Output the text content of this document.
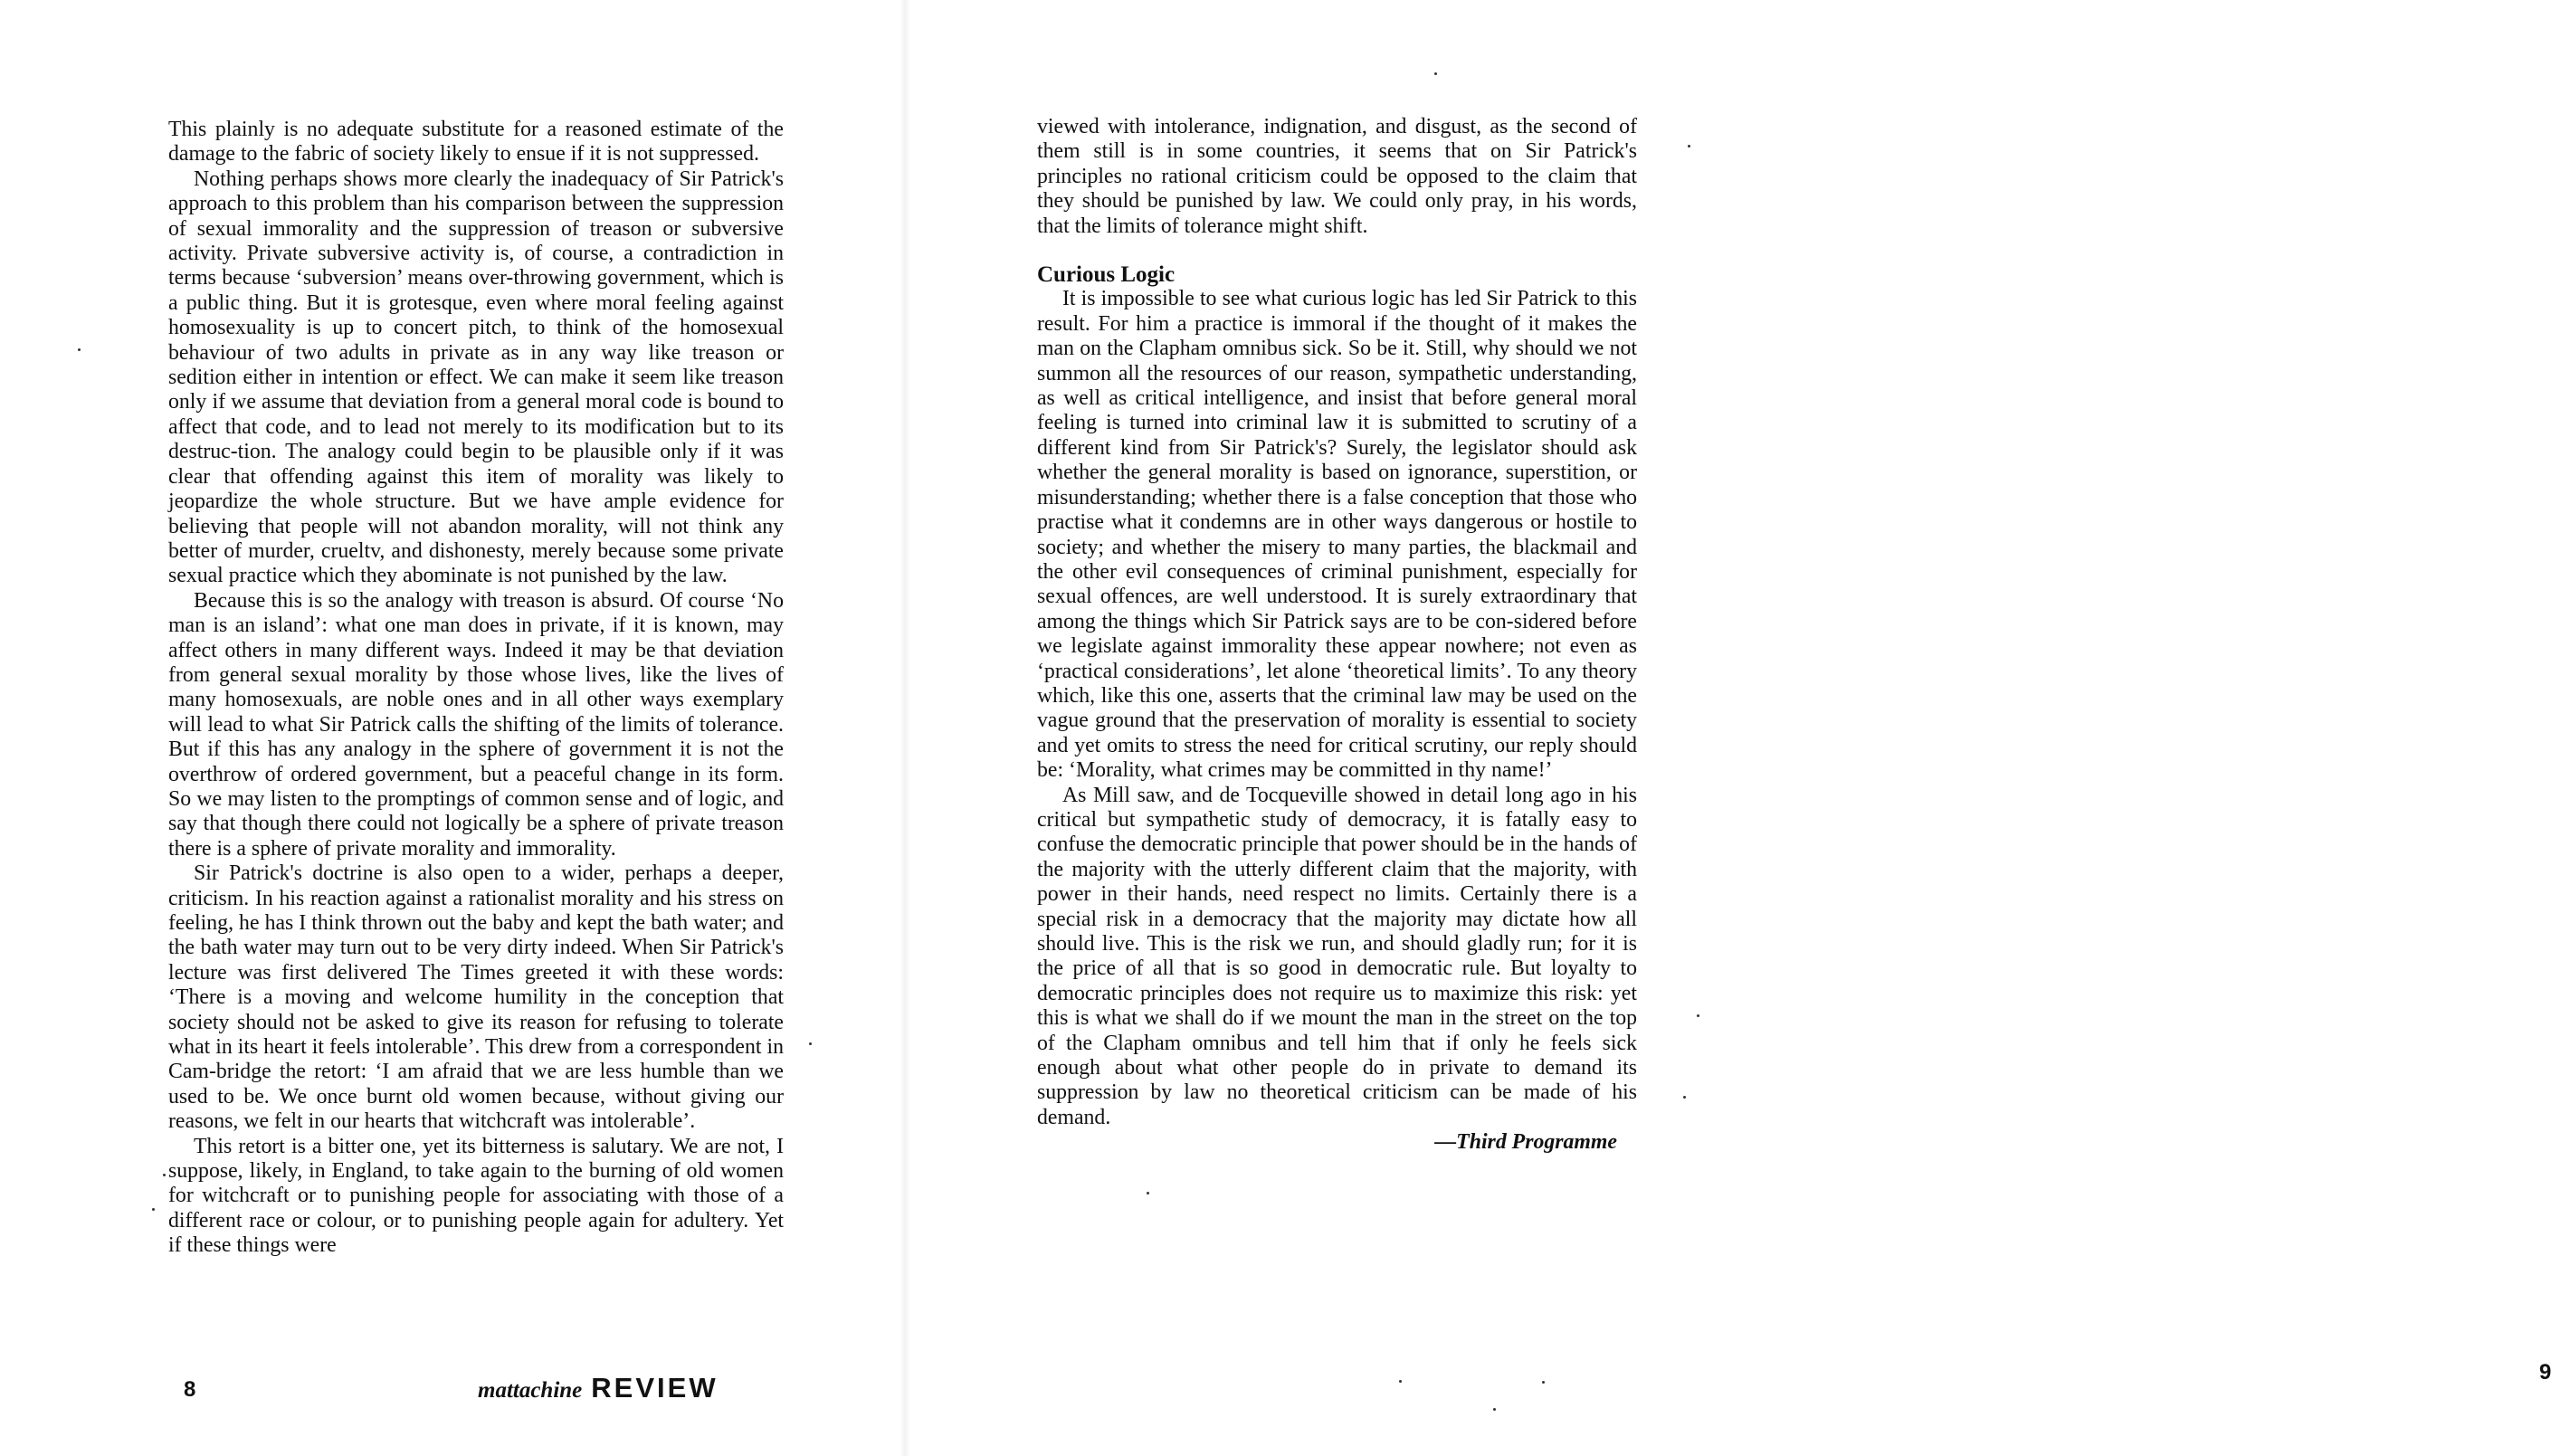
This plainly is no adequate substitute for a reasoned estimate of the damage to the fabric of society likely to ensue if it is not suppressed.

Nothing perhaps shows more clearly the inadequacy of Sir Patrick's approach to this problem than his comparison between the suppression of sexual immorality and the suppression of treason or subversive activity. Private subversive activity is, of course, a contradiction in terms because ‘subversion’ means over-throwing government, which is a public thing. But it is grotesque, even where moral feeling against homosexuality is up to concert pitch, to think of the homosexual behaviour of two adults in private as in any way like treason or sedition either in intention or effect. We can make it seem like treason only if we assume that deviation from a general moral code is bound to affect that code, and to lead not merely to its modification but to its destruc-tion. The analogy could begin to be plausible only if it was clear that offending against this item of morality was likely to jeopardize the whole structure. But we have ample evidence for believing that people will not abandon morality, will not think any better of murder, crueltv, and dishonesty, merely because some private sexual practice which they abominate is not punished by the law.

Because this is so the analogy with treason is absurd. Of course ‘No man is an island’: what one man does in private, if it is known, may affect others in many different ways. Indeed it may be that deviation from general sexual morality by those whose lives, like the lives of many homosexuals, are noble ones and in all other ways exemplary will lead to what Sir Patrick calls the shifting of the limits of tolerance. But if this has any analogy in the sphere of government it is not the overthrow of ordered government, but a peaceful change in its form. So we may listen to the promptings of common sense and of logic, and say that though there could not logically be a sphere of private treason there is a sphere of private morality and immorality.

Sir Patrick's doctrine is also open to a wider, perhaps a deeper, criticism. In his reaction against a rationalist morality and his stress on feeling, he has I think thrown out the baby and kept the bath water; and the bath water may turn out to be very dirty indeed. When Sir Patrick's lecture was first delivered The Times greeted it with these words: ‘There is a moving and welcome humility in the conception that society should not be asked to give its reason for refusing to tolerate what in its heart it feels intolerable’. This drew from a correspondent in Cam-bridge the retort: ‘I am afraid that we are less humble than we used to be. We once burnt old women because, without giving our reasons, we felt in our hearts that witchcraft was intolerable’.

This retort is a bitter one, yet its bitterness is salutary. We are not, I suppose, likely, in England, to take again to the burning of old women for witchcraft or to punishing people for associating with those of a different race or colour, or to punishing people again for adultery. Yet if these things were

8	mattachine REVIEW

viewed with intolerance, indignation, and disgust, as the second of them still is in some countries, it seems that on Sir Patrick's principles no rational criticism could be opposed to the claim that they should be punished by law. We could only pray, in his words, that the limits of tolerance might shift.

Curious Logic

It is impossible to see what curious logic has led Sir Patrick to this result. For him a practice is immoral if the thought of it makes the man on the Clapham omnibus sick. So be it. Still, why should we not summon all the resources of our reason, sympathetic understanding, as well as critical intelligence, and insist that before general moral feeling is turned into criminal law it is submitted to scrutiny of a different kind from Sir Patrick's? Surely, the legislator should ask whether the general morality is based on ignorance, superstition, or misunderstanding; whether there is a false conception that those who practise what it condemns are in other ways dangerous or hostile to society; and whether the misery to many parties, the blackmail and the other evil consequences of criminal punishment, especially for sexual offences, are well understood. It is surely extraordinary that among the things which Sir Patrick says are to be con-sidered before we legislate against immorality these appear nowhere; not even as ‘practical considerations’, let alone ‘theoretical limits’. To any theory which, like this one, asserts that the criminal law may be used on the vague ground that the preservation of morality is essential to society and yet omits to stress the need for critical scrutiny, our reply should be: ‘Morality, what crimes may be committed in thy name!’

As Mill saw, and de Tocqueville showed in detail long ago in his critical but sympathetic study of democracy, it is fatally easy to confuse the democratic principle that power should be in the hands of the majority with the utterly different claim that the majority, with power in their hands, need respect no limits. Certainly there is a special risk in a democracy that the majority may dictate how all should live. This is the risk we run, and should gladly run; for it is the price of all that is so good in democratic rule. But loyalty to democratic principles does not require us to maximize this risk: yet this is what we shall do if we mount the man in the street on the top of the Clapham omnibus and tell him that if only he feels sick enough about what other people do in private to demand its suppression by law no theoretical criticism can be made of his demand.

—Third Programme
9
